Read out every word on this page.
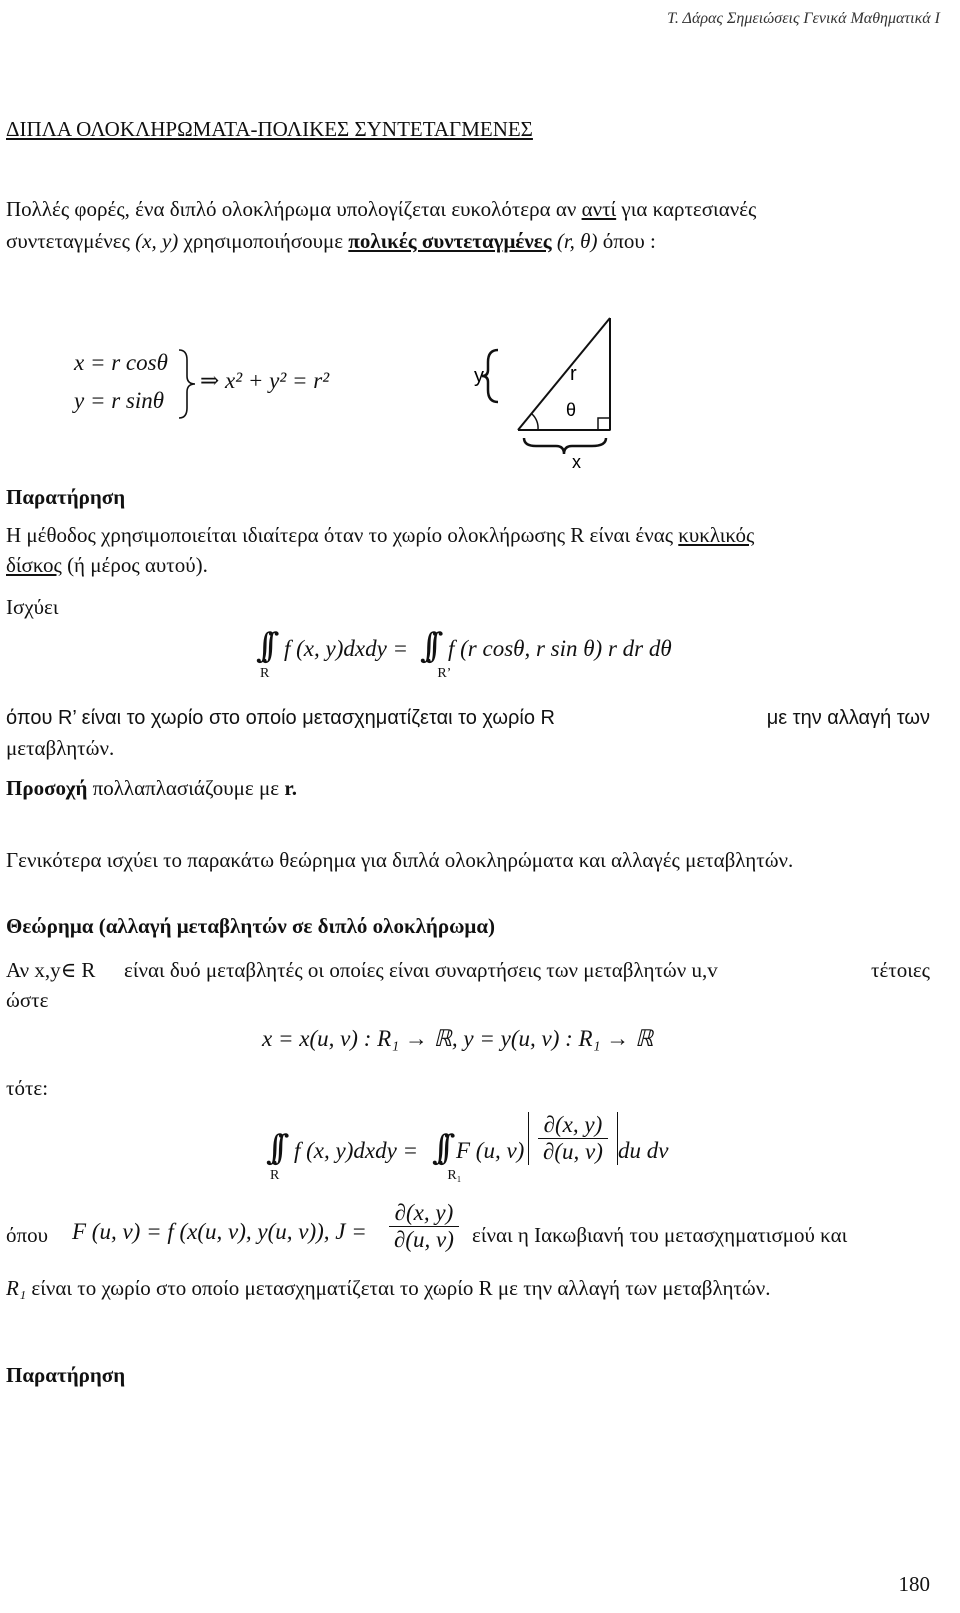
Τ. Δάρας Σημειώσεις Γενικά Μαθηματικά Ι
ΔΙΠΛΑ ΟΛΟΚΛΗΡΩΜΑΤΑ-ΠΟΛΙΚΕΣ ΣΥΝΤΕΤΑΓΜΕΝΕΣ
Πολλές φορές, ένα διπλό ολοκλήρωμα υπολογίζεται ευκολότερα αν αντί για καρτεσιανές
συντεταγμένες (x, y) χρησιμοποιήσουμε πολικές συντεταγμένες (r, θ) όπου :
x = r cosθ
y = r sinθ
⇒ x² + y² = r²	y	r
θ
x
Παρατήρηση
Η μέθοδος χρησιμοποιείται ιδιαίτερα όταν το χωρίο ολοκλήρωσης R είναι ένας κυκλικός
δίσκος (ή μέρος αυτού).
Ισχύει
∫∫
R
f (x, y)dxdy = ∫∫
R’
f (r cosθ, r sin θ) r dr dθ
όπου R’ είναι το χωρίο στο οποίο μετασχηματίζεται το χωρίο R	με την αλλαγή των
μεταβλητών.
Προσοχή πολλαπλασιάζουμε με r.
Γενικότερα ισχύει το παρακάτω θεώρημα για διπλά ολοκληρώματα και αλλαγές μεταβλητών.
Θεώρημα (αλλαγή μεταβλητών σε διπλό ολοκλήρωμα)
Αν x,y∈ R είναι δυό μεταβλητές οι οποίες είναι συναρτήσεις των μεταβλητών u,v	τέτοιες
ώστε
x = x(u, v) : R₁ → ℝ, y = y(u, v) : R₁ → ℝ
τότε:
∫∫
R
f (x, y)dxdy = ∫∫
R₁
F (u, $v) \frac{\partial(x, y)}{\partial(u, v)}$ du dv
όπου F (u, v) = f (x(u, v), y(u, v)), $J = \frac{\partial(x, y)}{\partial(u, v)}$ είναι η Ιακωβιανή του μετασχηματισμού και
R₁ είναι το χωρίο στο οποίο μετασχηματίζεται το χωρίο R με την αλλαγή των μεταβλητών.
Παρατήρηση
180
